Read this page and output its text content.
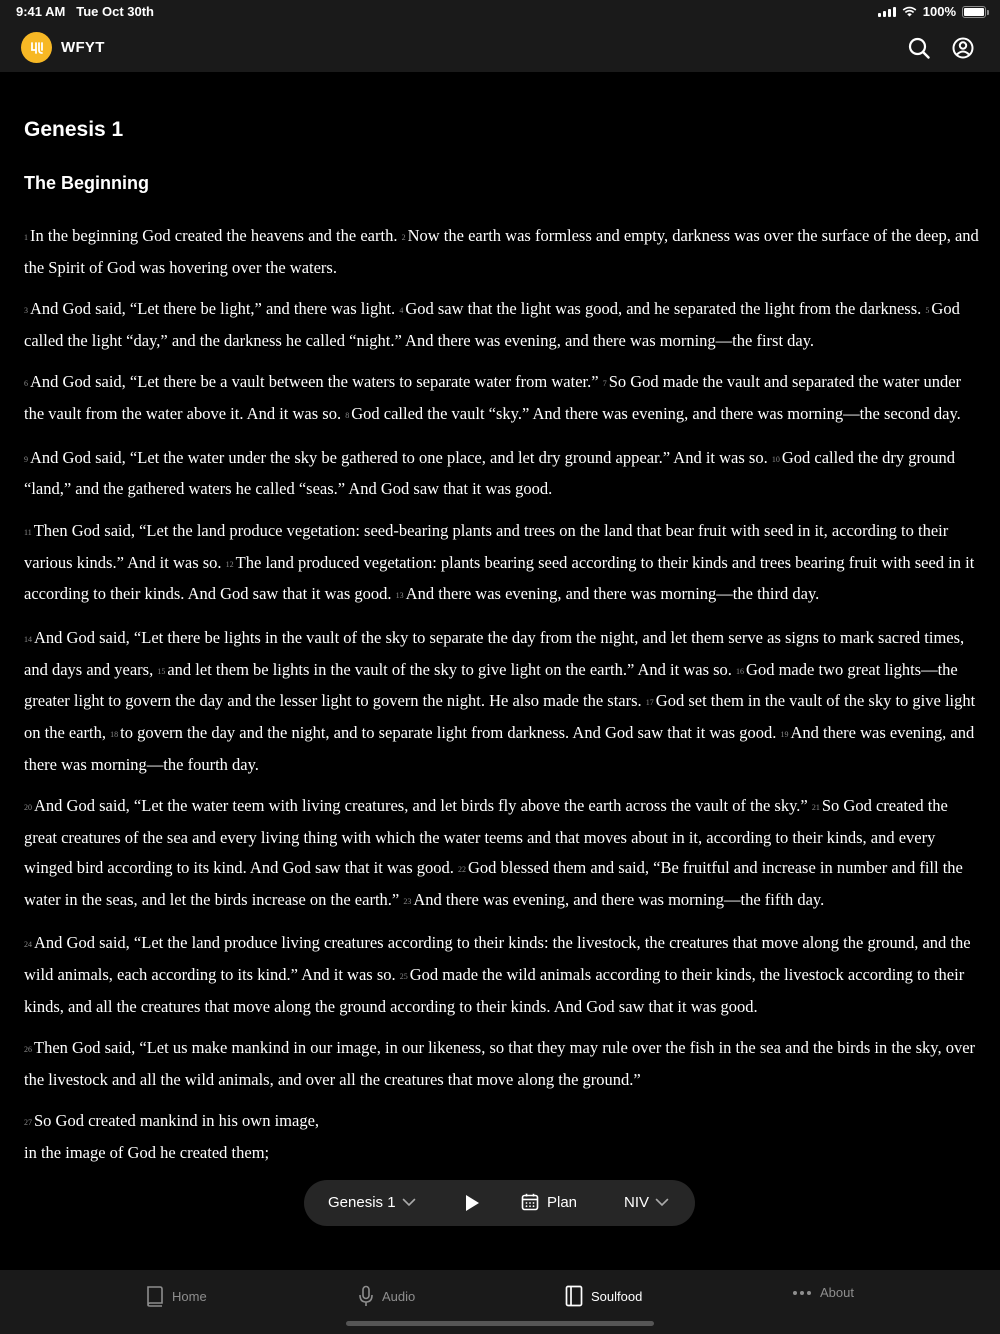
9:41 AM Tue Oct 30th	100%
WFYT
Genesis 1
The Beginning

1 In the beginning God created the heavens and the earth. 2 Now the earth was formless and empty, darkness was over the surface of the deep, and the Spirit of God was hovering over the waters.

3 And God said, “Let there be light,” and there was light. 4 God saw that the light was good, and he separated the light from the darkness. 5 God called the light “day,” and the darkness he called “night.” And there was evening, and there was morning—the first day.

6 And God said, “Let there be a vault between the waters to separate water from water.” 7 So God made the vault and separated the water under the vault from the water above it. And it was so. 8 God called the vault “sky.” And there was evening, and there was morning—the second day.

9 And God said, “Let the water under the sky be gathered to one place, and let dry ground appear.” And it was so. 10 God called the dry ground “land,” and the gathered waters he called “seas.” And God saw that it was good.

11 Then God said, “Let the land produce vegetation: seed-bearing plants and trees on the land that bear fruit with seed in it, according to their various kinds.” And it was so. 12 The land produced vegetation: plants bearing seed according to their kinds and trees bearing fruit with seed in it according to their kinds. And God saw that it was good. 13 And there was evening, and there was morning—the third day.

14 And God said, “Let there be lights in the vault of the sky to separate the day from the night, and let them serve as signs to mark sacred times, and days and years, 15 and let them be lights in the vault of the sky to give light on the earth.” And it was so. 16 God made two great lights—the greater light to govern the day and the lesser light to govern the night. He also made the stars. 17 God set them in the vault of the sky to give light on the earth, 18 to govern the day and the night, and to separate light from darkness. And God saw that it was good. 19 And there was evening, and there was morning—the fourth day.

20 And God said, “Let the water teem with living creatures, and let birds fly above the earth across the vault of the sky.” 21 So God created the great creatures of the sea and every living thing with which the water teems and that moves about in it, according to their kinds, and every winged bird according to its kind. And God saw that it was good. 22 God blessed them and said, “Be fruitful and increase in number and fill the water in the seas, and let the birds increase on the earth.” 23 And there was evening, and there was morning—the fifth day.

24 And God said, “Let the land produce living creatures according to their kinds: the livestock, the creatures that move along the ground, and the wild animals, each according to its kind.” And it was so. 25 God made the wild animals according to their kinds, the livestock according to their kinds, and all the creatures that move along the ground according to their kinds. And God saw that it was good.

26 Then God said, “Let us make mankind in our image, in our likeness, so that they may rule over the fish in the sea and the birds in the sky, over the livestock and all the wild animals, and over all the creatures that move along the ground.”

27 So God created mankind in his own image,
in the image of God he created them;

Genesis 1	Plan	NIV
Home	Audio	Soulfood	About
